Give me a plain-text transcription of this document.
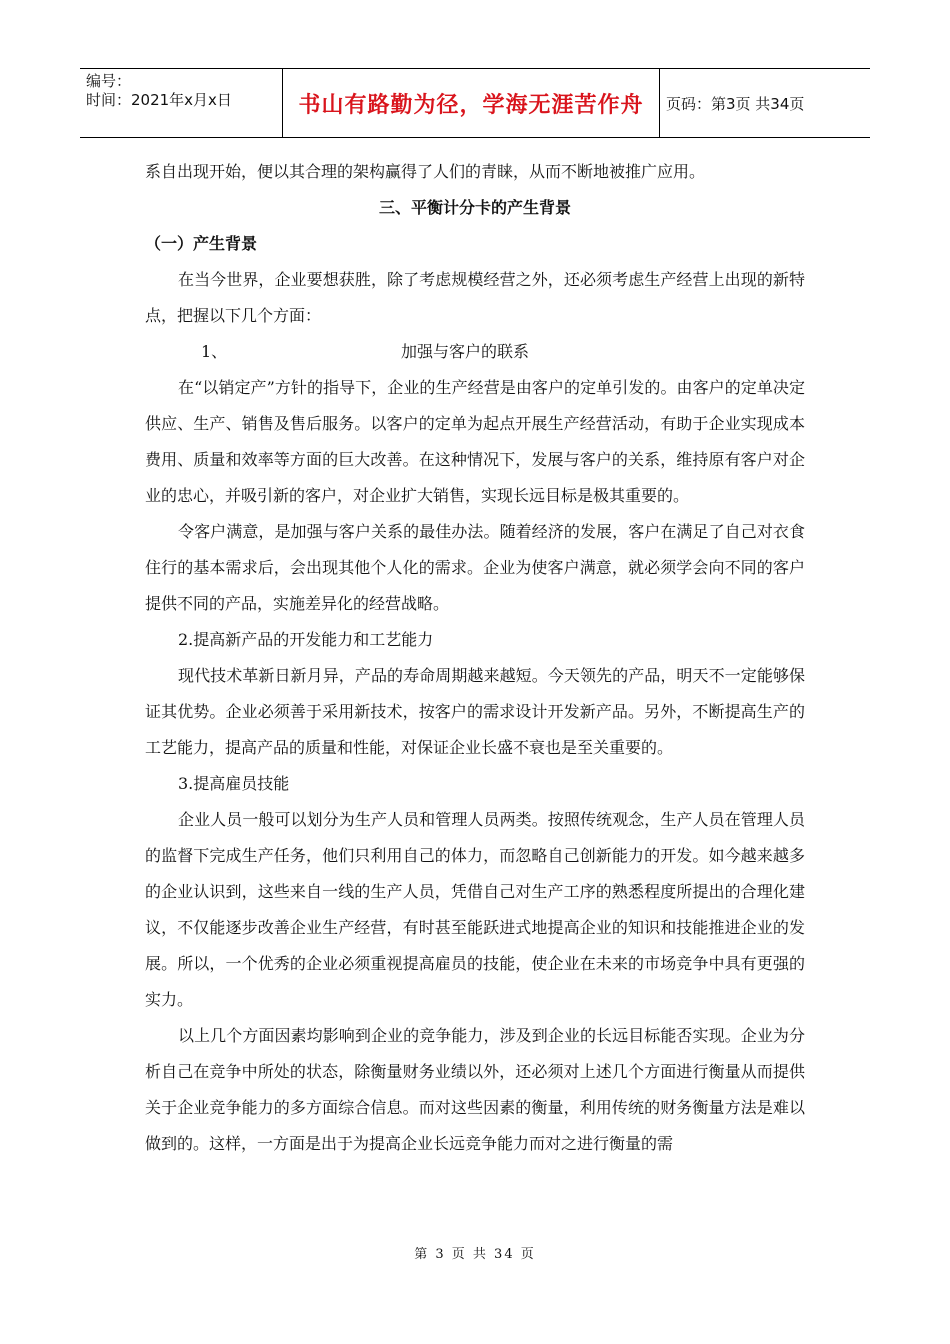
编号：
时间：2021年x月x日	书山有路勤为径，学海无涯苦作舟	页码：第3页 共34页

系自出现开始，便以其合理的架构赢得了人们的青睐，从而不断地被推广应用。

三、平衡计分卡的产生背景

（一）产生背景

在当今世界，企业要想获胜，除了考虑规模经营之外，还必须考虑生产经营上出现的新特点，把握以下几个方面：

1、	加强与客户的联系

在“以销定产”方针的指导下，企业的生产经营是由客户的定单引发的。由客户的定单决定供应、生产、销售及售后服务。以客户的定单为起点开展生产经营活动，有助于企业实现成本费用、质量和效率等方面的巨大改善。在这种情况下，发展与客户的关系，维持原有客户对企业的忠心，并吸引新的客户，对企业扩大销售，实现长远目标是极其重要的。

令客户满意，是加强与客户关系的最佳办法。随着经济的发展，客户在满足了自己对衣食住行的基本需求后，会出现其他个人化的需求。企业为使客户满意，就必须学会向不同的客户提供不同的产品，实施差异化的经营战略。

2.提高新产品的开发能力和工艺能力

现代技术革新日新月异，产品的寿命周期越来越短。今天领先的产品，明天不一定能够保证其优势。企业必须善于采用新技术，按客户的需求设计开发新产品。另外，不断提高生产的工艺能力，提高产品的质量和性能，对保证企业长盛不衰也是至关重要的。

3.提高雇员技能

企业人员一般可以划分为生产人员和管理人员两类。按照传统观念，生产人员在管理人员的监督下完成生产任务，他们只利用自己的体力，而忽略自己创新能力的开发。如今越来越多的企业认识到，这些来自一线的生产人员，凭借自己对生产工序的熟悉程度所提出的合理化建议，不仅能逐步改善企业生产经营，有时甚至能跃进式地提高企业的知识和技能推进企业的发展。所以，一个优秀的企业必须重视提高雇员的技能，使企业在未来的市场竞争中具有更强的实力。

以上几个方面因素均影响到企业的竞争能力，涉及到企业的长远目标能否实现。企业为分析自己在竞争中所处的状态，除衡量财务业绩以外，还必须对上述几个方面进行衡量从而提供关于企业竞争能力的多方面综合信息。而对这些因素的衡量，利用传统的财务衡量方法是难以做到的。这样，一方面是出于为提高企业长远竞争能力而对之进行衡量的需

第 3 页 共 34 页
